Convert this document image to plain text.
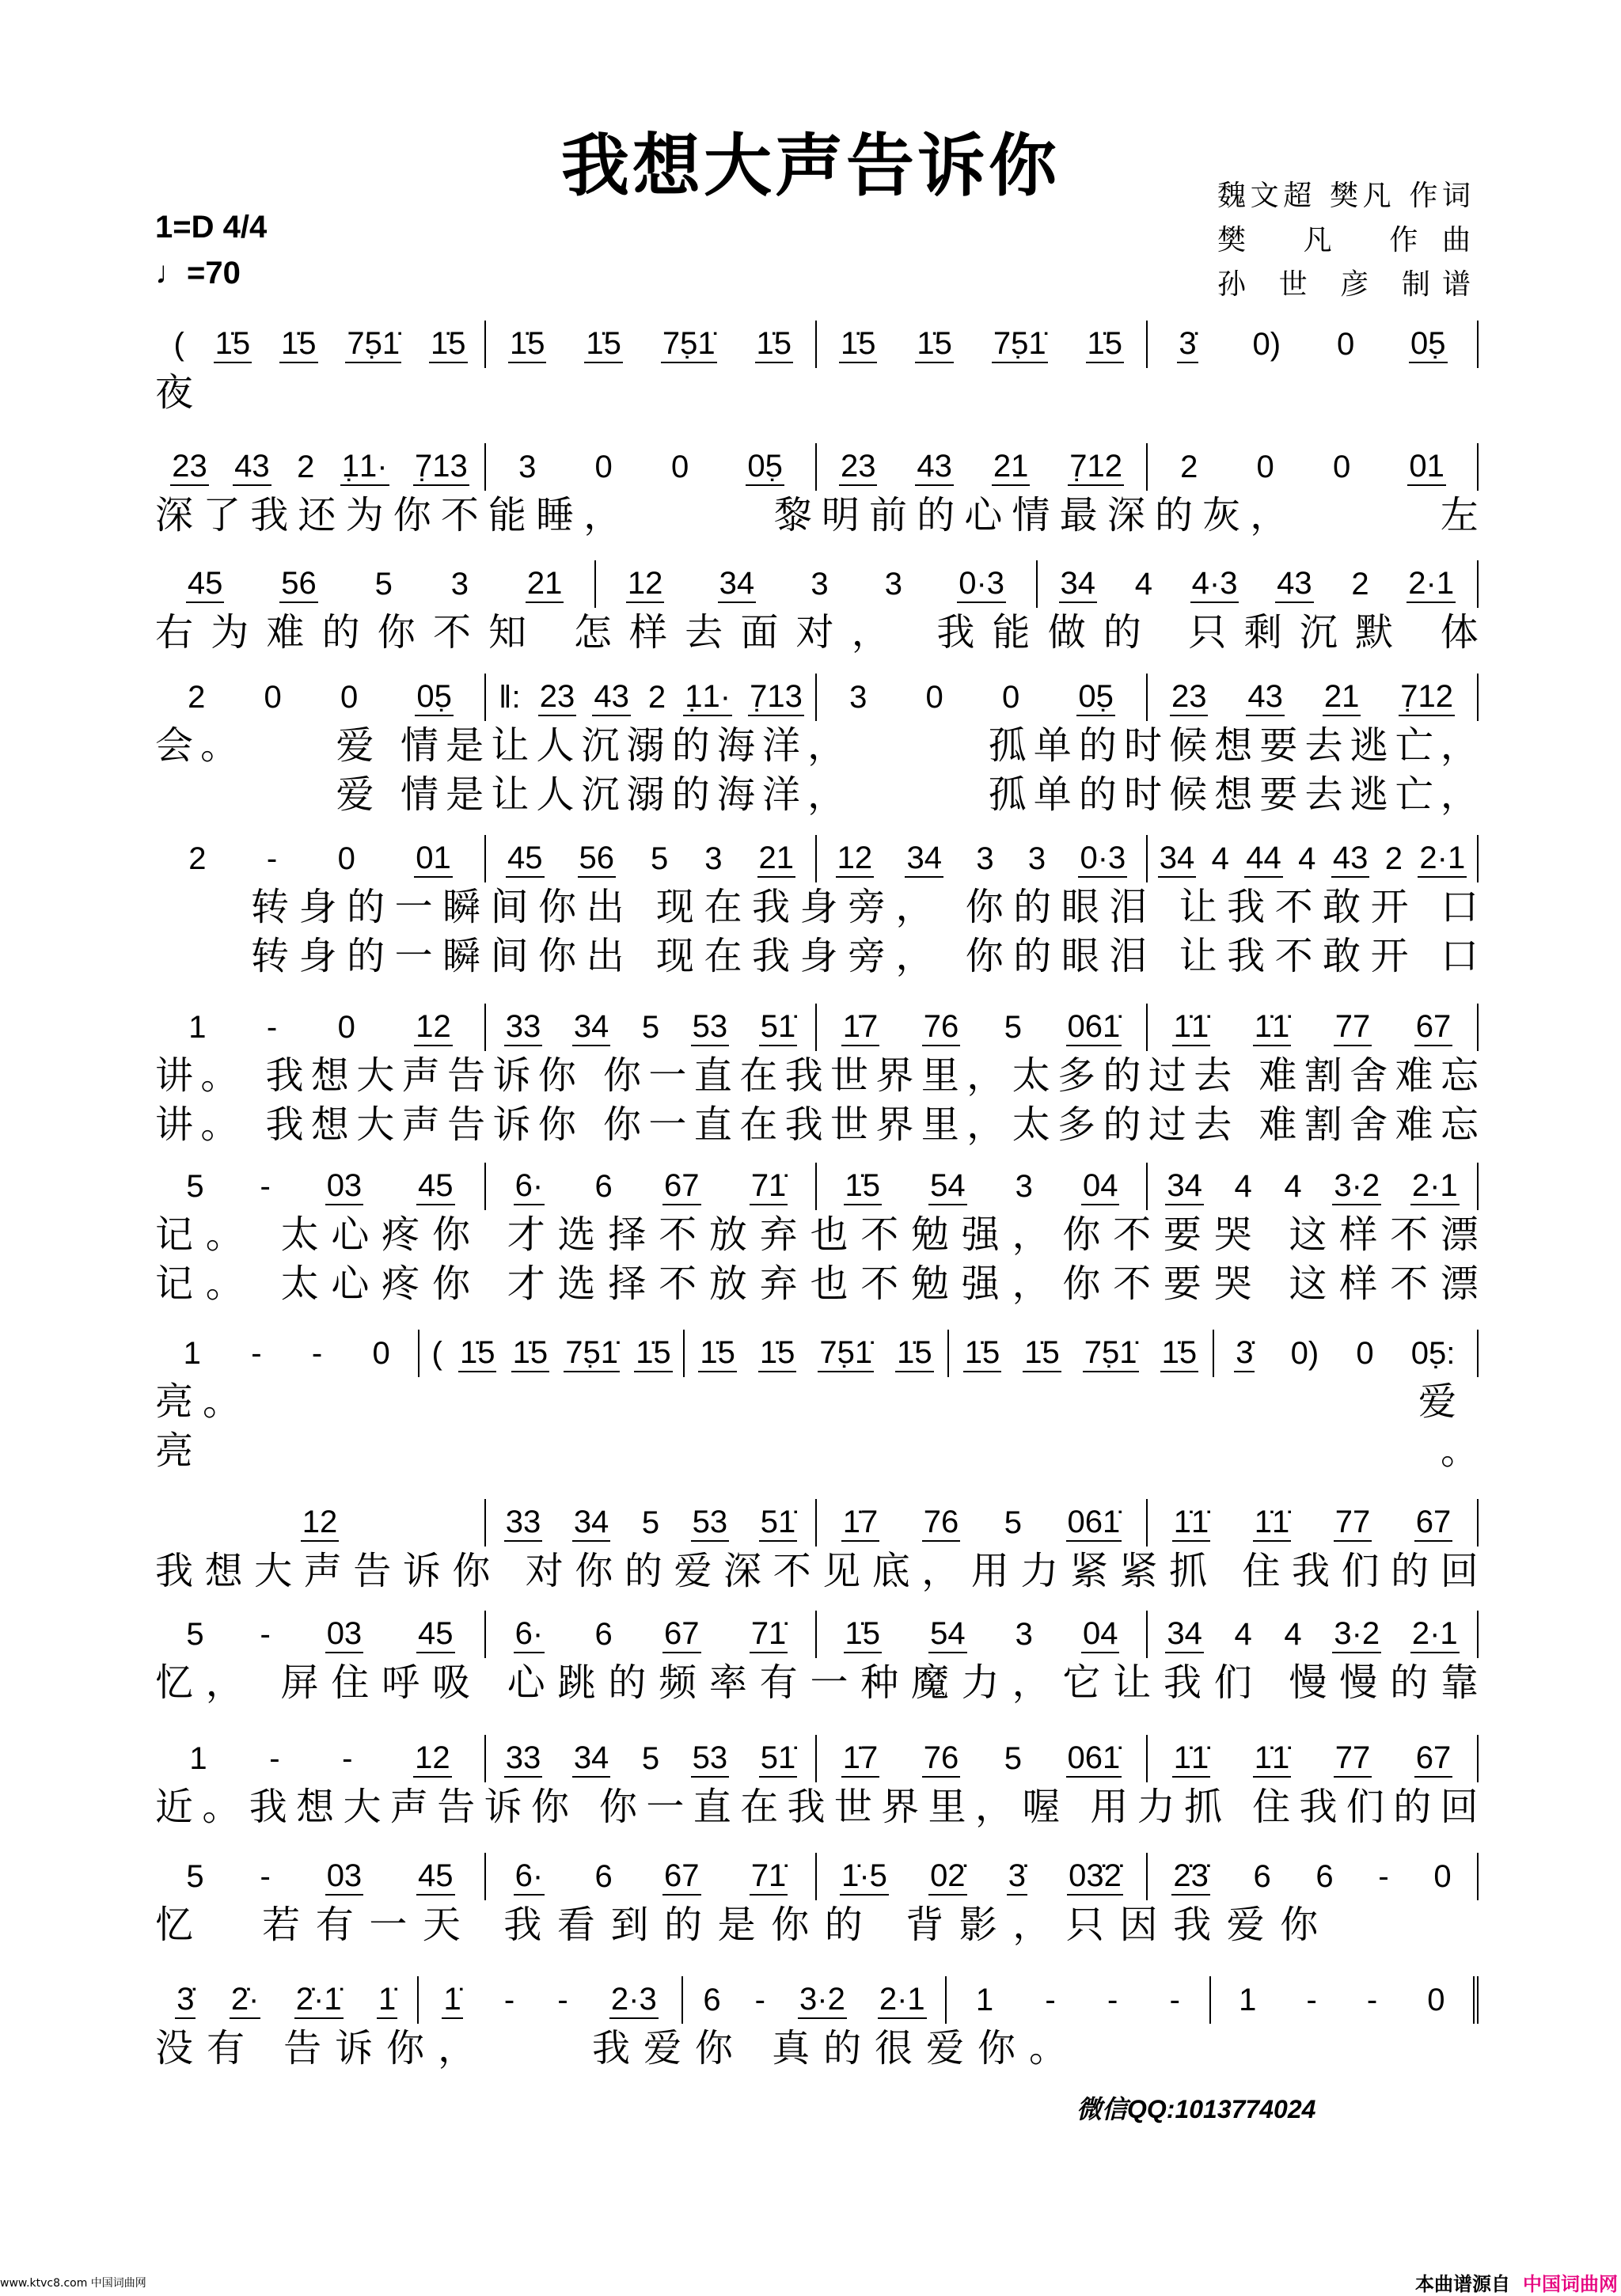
我想大声告诉你
1=D 4/4
♩=70
魏文超 樊凡 作词
樊 凡 作曲
孙 世 彦 制谱
( 1̇5 1̇5 75̣1̇ 1̇5 1̇5 1̇5 75̣1̇ 1̇5 1̇5 1̇5 75̣1̇ 1̇5 3̇ 0) 0 05̣
夜
23 43 2 1̣1· 7̣13 3 0 0 05̣ 23 43 21 7̣12 2 0 0 01
深 了 我 还 为 你 不 能 睡 ，

　	黎 明 前 的 心 情 最 深 的 灰 ，

　	左
45 56 5 3 21 12 34 3 3 0·3 34 4 4·3 43 2 2·1
右 为 难 的 你 不 知
怎 样 去 面 对 ，
我 能 做 的
只 剩 沉 默
体
2 0 0 05̣ ‖: 23 43 2 1̣1· 7̣13 3 0 0 05̣ 23 43 21 7̣12
会 。

　	爱
情 是 让 人 沉 溺 的 海 洋 ，

　	孤 单 的 时 候 想 要 去 逃 亡 ，

爱
情 是 让 人 沉 溺 的 海 洋 ，

　	孤 单 的 时 候 想 要 去 逃 亡 ，
2 - 0 01 45 56 5 3 21 12 34 3 3 0·3 34 4 44 4 43 2 2·1

转 身 的 一 瞬 间 你 出
现 在 我 身 旁 ，
你 的 眼 泪
让 我 不 敢 开
口

转 身 的 一 瞬 间 你 出
现 在 我 身 旁 ，
你 的 眼 泪
让 我 不 敢 开
口
1 - 0 12 33 34 5 53 51̇ 1̇7 76 5 061̇ 1̇1̇ 1̇1̇ 77 67
讲 。
我 想 大 声 告 诉 你
你 一 直 在 我 世 界 里 ， 太 多 的 过 去
难 割 舍 难 忘
讲 。
我 想 大 声 告 诉 你
你 一 直 在 我 世 界 里 ， 太 多 的 过 去
难 割 舍 难 忘
5 - 03 45 6· 6 67 71̇ 1̇5 54 3 04 34 4 4 3·2 2·1
记 。
太 心 疼 你
才 选 择 不 放 弃 也 不 勉 强 ， 你 不 要 哭
这 样 不 漂
记 。
太 心 疼 你
才 选 择 不 放 弃 也 不 勉 强 ， 你 不 要 哭
这 样 不 漂
1 - - 0 ( 1̇5 1̇5 75̣1̇ 1̇5 1̇5 1̇5 75̣1̇ 1̇5 1̇5 1̇5 75̣1̇ 1̇5 3̇ 0) 0 05̣:
亮。　　　　　　　　　　　　　　　　　　　　　　　　　爱
亮	。
12	33 34 5 53 51̇ 1̇7 76 5 061̇ 1̇1̇ 1̇1̇ 77 67
我 想 大 声 告 诉 你
对 你 的 爱 深 不 见 底 ， 用 力 紧 紧 抓
住 我 们 的 回
5 - 03 45 6· 6 67 71̇ 1̇5 54 3 04 34 4 4 3·2 2·1
忆 ，
屏 住 呼 吸
心 跳 的 频 率 有 一 种 魔 力 ， 它 让 我 们
慢 慢 的 靠
1 - - 12 33 34 5 53 51̇ 1̇7 76 5 061̇ 1̇1̇ 1̇1̇ 77 67
近 。 我 想 大 声 告 诉 你
你 一 直 在 我 世 界 里 ， 喔
用 力 抓
住 我 们 的 回
5 - 03 45 6· 6 67 71̇ 1̇·5 02̇ 3̇ 03̇2̇ 2̇3̇ 6 6 - 0
忆
　 若 有 一 天
我 看 到 的 是 你 的
背 影 ， 只 因 我 爱 你

3̇ 2̇· 2̇·1̇ 1̇ 1̇ - - 2·3 6 - 3·2 2·1 1 - - - 1 - - 0
没 有
告 诉 你 ，

　	我 爱 你
真 的 很 爱 你 。

微信QQ:1013774024
www.ktvc8.com 中国词曲网	本曲谱源自 中国词曲网
